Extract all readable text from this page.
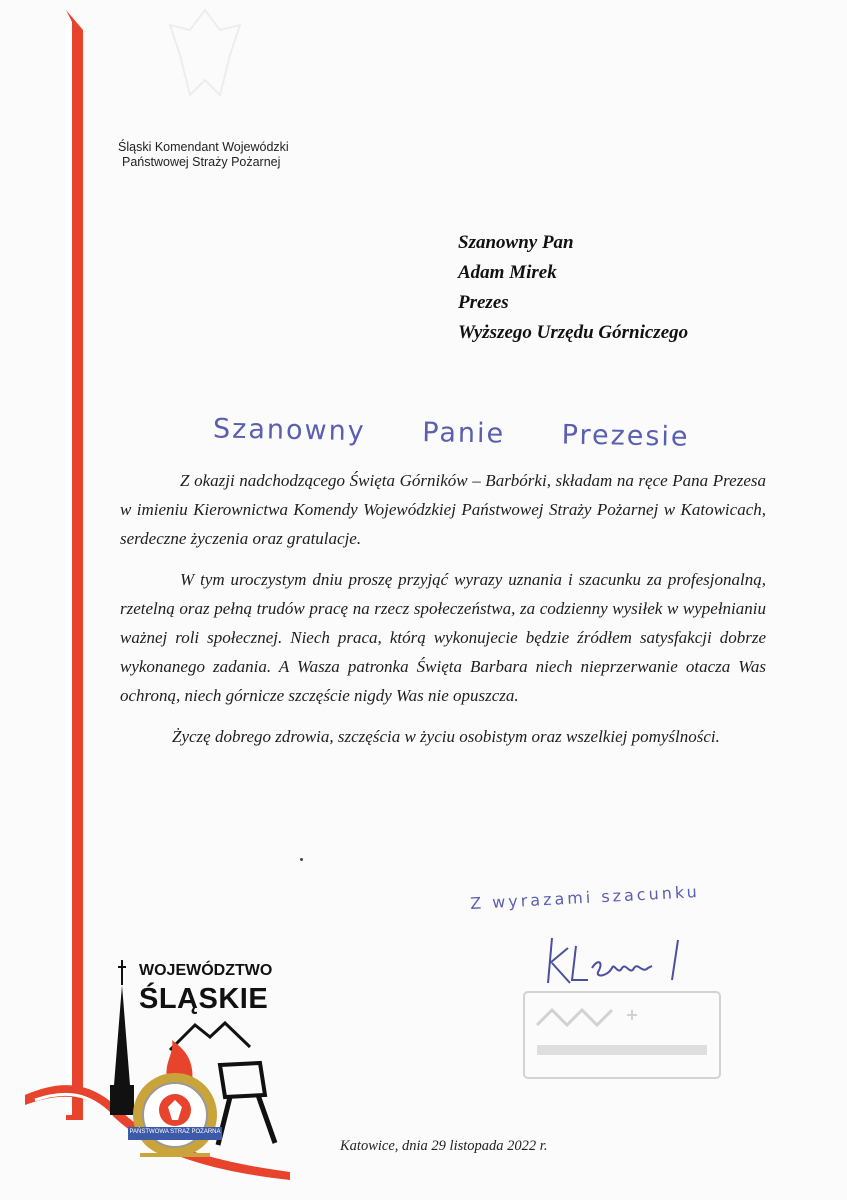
Śląski Komendant Wojewódzki
Państwowej Straży Pożarnej
Szanowny Pan
Adam Mirek
Prezes
Wyższego Urzędu Górniczego
Szanowny Panie Prezesie

Z okazji nadchodzącego Święta Górników – Barbórki, składam na ręce Pana Prezesa w imieniu Kierownictwa Komendy Wojewódzkiej Państwowej Straży Pożarnej w Katowicach, serdeczne życzenia oraz gratulacje.

W tym uroczystym dniu proszę przyjąć wyrazy uznania i szacunku za profesjonalną, rzetelną oraz pełną trudów pracę na rzecz społeczeństwa, za codzienny wysiłek w wypełnianiu ważnej roli społecznej. Niech praca, którą wykonujecie będzie źródłem satysfakcji dobrze wykonanego zadania. A Wasza patronka Święta Barbara niech nieprzerwanie otacza Was ochroną, niech górnicze szczęście nigdy Was nie opuszcza.

Życzę dobrego zdrowia, szczęścia w życiu osobistym oraz wszelkiej pomyślności.

Z wyrazami szacunku
WOJEWÓDZTWO
ŚLĄSKIE
PAŃSTWOWA STRAŻ POŻARNA
Katowice, dnia 29 listopada 2022 r.
